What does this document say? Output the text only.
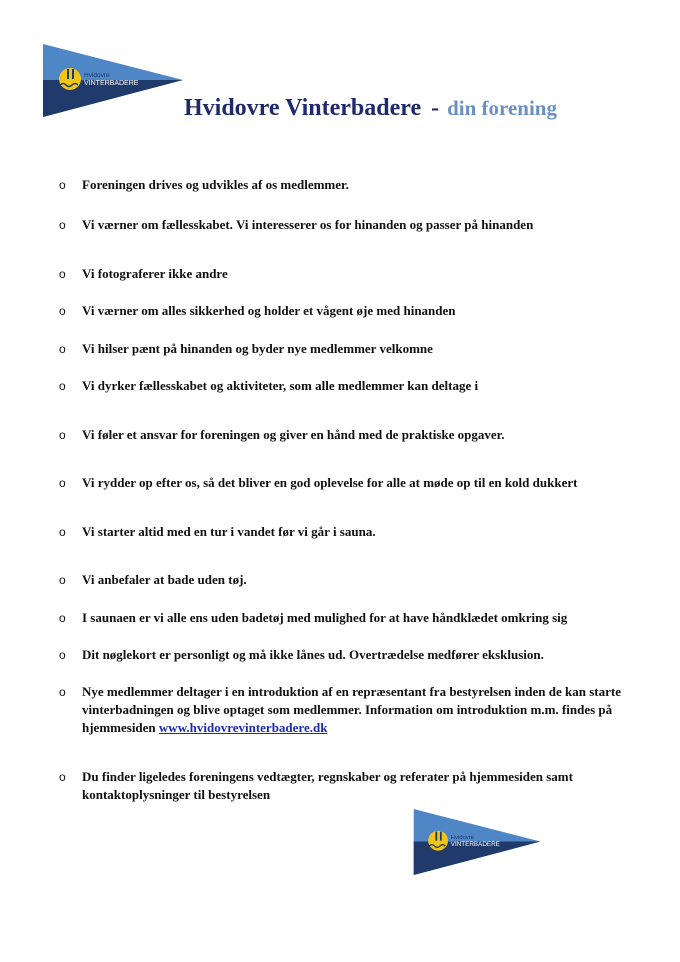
Hvidovre
VINTERBADERE
Hvidovre Vinterbadere - din forening
o Foreningen drives og udvikles af os medlemmer.
o Vi værner om fællesskabet. Vi interesserer os for hinanden og passer på hinanden
o Vi fotograferer ikke andre
o Vi værner om alles sikkerhed og holder et vågent øje med hinanden
o Vi hilser pænt på hinanden og byder nye medlemmer velkomne
o Vi dyrker fællesskabet og aktiviteter, som alle medlemmer kan deltage i
o Vi føler et ansvar for foreningen og giver en hånd med de praktiske opgaver.
o Vi rydder op efter os, så det bliver en god oplevelse for alle at møde op til en kold dukkert
o Vi starter altid med en tur i vandet før vi går i sauna.
o Vi anbefaler at bade uden tøj.
o I saunaen er vi alle ens uden badetøj med mulighed for at have håndklædet omkring sig
o Dit nøglekort er personligt og må ikke lånes ud. Overtrædelse medfører eksklusion.
o Nye medlemmer deltager i en introduktion af en repræsentant fra bestyrelsen inden de kan starte vinterbadningen og blive optaget som medlemmer. Information om introduktion m.m. findes på hjemmesiden www.hvidovrevinterbadere.dk
o Du finder ligeledes foreningens vedtægter, regnskaber og referater på hjemmesiden samt kontaktoplysninger til bestyrelsen
Hvidovre
VINTERBADERE
